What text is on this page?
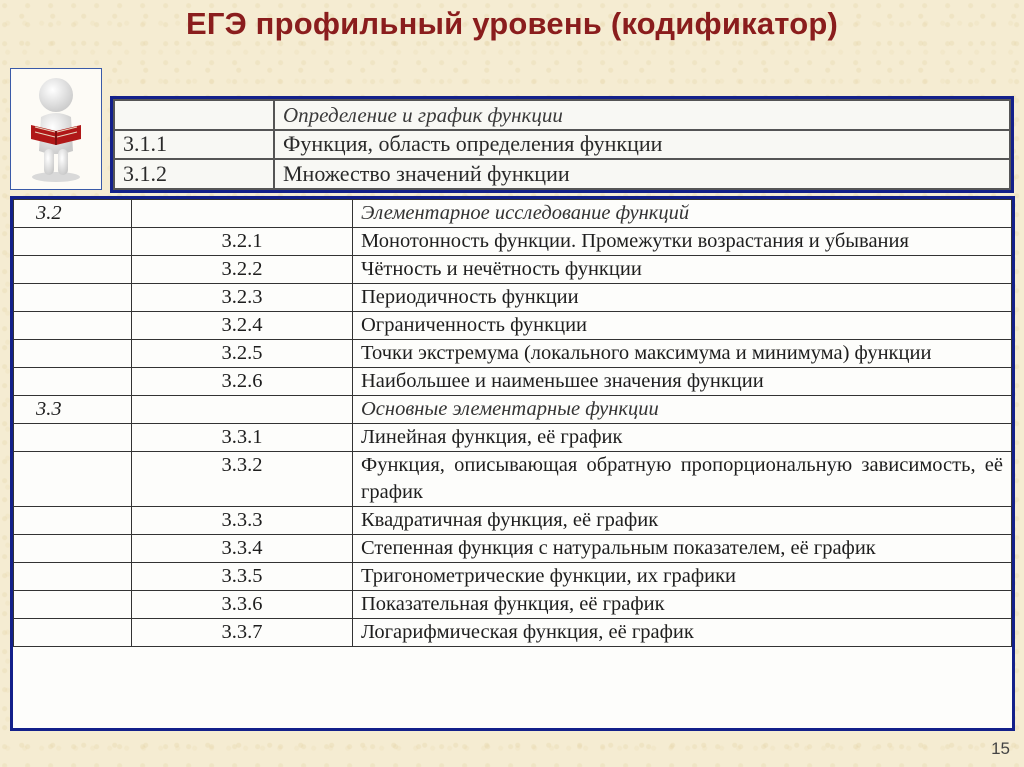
ЕГЭ профильный уровень (кодификатор)
	Определение и график функции
3.1.1	Функция, область определения функции
3.1.2	Множество значений функции
3.2		Элементарное исследование функций
	3.2.1	Монотонность функции. Промежутки возрастания и убывания
	3.2.2	Чётность и нечётность функции
	3.2.3	Периодичность функции
	3.2.4	Ограниченность функции
	3.2.5	Точки экстремума (локального максимума и минимума) функции
	3.2.6	Наибольшее и наименьшее значения функции
3.3		Основные элементарные функции
	3.3.1	Линейная функция, её график
	3.3.2	Функция, описывающая обратную пропорциональную зависимость, её график
	3.3.3	Квадратичная функция, её график
	3.3.4	Степенная функция с натуральным показателем, её график
	3.3.5	Тригонометрические функции, их графики
	3.3.6	Показательная функция, её график
	3.3.7	Логарифмическая функция, её график
15
